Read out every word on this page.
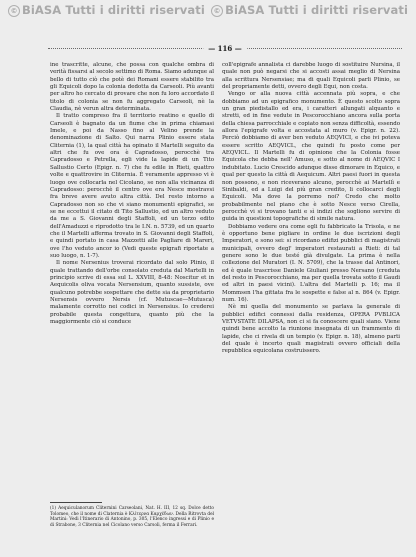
© BiASA Tutti i diritti riservati	© BiASA Tutti i diritti riservati
— 116 —

ine trascritte, alcune, che possa con qualche ombra di verità fissarsi al secolo settimo di Roma. Siamo adunque al bello di tutto ciò che potè dei Romani essere stabilito tra gli Equicoli dopo la colonia dedotta da Carseoli. Più avanti per altro ho cercato di provare che non fu loro accordato il titolo di colonia se non fu aggregato Carseoli, nè la Claudia, nè verun altra determinata.

Il tratto compreso fra il territorio reatino e quello di Carseoli è bagnato da un fiume che in prima chiamasi Imele, e poi da Nasso fino al Velino prende la denominazione di Salto. Qui narra Plinio essere stata Cliternia (1), la qual città ha opinato il Martelli seguito da altri che fu ove ora è Capradosso, perocchè tra Capradosso e Petrella, egli vide la lapide di un Tito Sallustio Certo (Epigr. n. 7) che fu edile in Rieti, quattro volte e quattrovire in Cliternia. È veramente appresso vi è luogo ove collocarla nel Cicolano, se non alla vicinanza di Capradosso: perocchè il centro ove era Nesce mostravsi fra breve avere avuto altra città. Del resto intorno a Capradosso non so che vi siano monumenti epigrafici, se se ne eccettui il citato di Tito Sallustio, ed un altro veduto da me a S. Giovanni degli Staffoli, ed un terzo edito dell'Amaduzzi e riprodotto tra le I.N. n. 5739, ed un quarto che il Martelli afferma trovato in S. Giovanni degli Staffoli, e quindi portato in casa Mazzetti alle Pagliare di Mareri, ove l'ho veduto ancor io (Vedi queste epigrafi riportate a suo luogo, n. 1-7).

Il nome Nersenius troverai ricordato dal solo Plinio, il quale trattando dell'orbe consolato creduta dal Martelli in principio scrive di essa sul L. XXVIII, 8-48: Noscitur et in Aequicolis oliva vocata Nersensium, quanto sussiste, ove qualcuno potrebbe sospettare che dette sia da proprietario Nersensis ovvero Nersis (cf. Mutuscae—Mutusca) malamente corrotto nei codici in Nersensius. Io crederei probabile questa congettura, quanto più che la maggiormente ciò si conduce

coll'epigrafe annalista ci darebbe luogo di sostituire Nursina, il quale non può negarsi che si accosti assai meglio di Nersina alla scrittura Nersensiae; ma di quali Equicoli parli Plinio, se del propriamente detti, ovvero degli Equi, non costa.

Vengo or alla nuova città accennata più sopra, e che dobbiamo ad un epigrafico monumento. È questo scolto sopra un gran piedistallo ed era, i caratteri allungati alquanto e stretti, ed in fine vedute in Pescorocchiano ancora sulla porta della chiesa parrocchiale e copiato non senza difficoltà, essendo allora l'epigrafe volta e accostata al muro (v. Epigr. n. 22). Perciò dobbiamo di aver ben veduto AEQVICI, e che ivi poteva essere scritto AEQVICL, che quindi fu posto come per AEQVICL. Il Martelli fu di opinione che la Colonia fosse Equicola che debba nell' Amuso, e sotto al nome di AEQVIC I indubitato. Lucio Crescido adunque disse dimorare in Equico, e qual per questo la città di Aequicum. Altri paesi fuori in questa non possono, e non riceverano alcuno, perocchè ai Martellì e Sinibaldi, ed a Luigi del più gran credito, li collocarci degli Equicoli. Ma dove la porremo noi? Credo che molto probabilmente nel piano che è sotto Nesce verso Cirella, perocchè vi si trovano tanti e sì indizi che sogliono servire di guida in questioni topografiche di simile natura.

Dobbiamo vedere ora come egli fu fabbricato la Trisola, e ne è opportuno bene pigliare in ordine le due iscrizioni degli Imperatori, e sono sei: si ricordano edifizi pubblici di magistrati municipali, ovvero degl' imperatori restaurati a Rieti: di tal genere sono le due testé già divulgate. La prima è nella collezione del Muratori (I. N. 5709), che la trasse dal Antinori, ed è quale trascrisse Daniele Giuliani presso Nersano (creduta del resto in Pescorocchiano, ma per quella trovata sotto il Gaudi ed altri in paesi vicini). L'altra del Martelli p. 16; ma il Mommsen l'ha gittata fra le sospette e false al n. 864 (v. Epigr. num. 16).

Nè mi quella del monumento se parlava la generale di pubblici edifici connessi dalla residenza, OPERA PVBLICA VETVSTATE DILAPSA, non ci si fa conoscere quali siano. Viene quindi bene accolto la riunione insegnata di un frammento di lapide, che ci rivela di un tempio (v. Epigr. n. 18), almeno parti del quale è incerto quali magistrati ovvero officiali della repubblica equicolana costruissero.

(1) Aequiculanorum Cliternini Carseolani, Nat. H. III, 12 sq. Dolce detto Tolomeo, che il nome di Claternia è Κλίτερνα Καρχέδων. Della Ritrovta del Martini: Vedi l'Itinerario di Antonino, p. 305, l'Elenco ingressi e di Plinio e di Strabone, 3 Cliternia nel Cicolano verso Carsoli, ferma il Ferrari.
